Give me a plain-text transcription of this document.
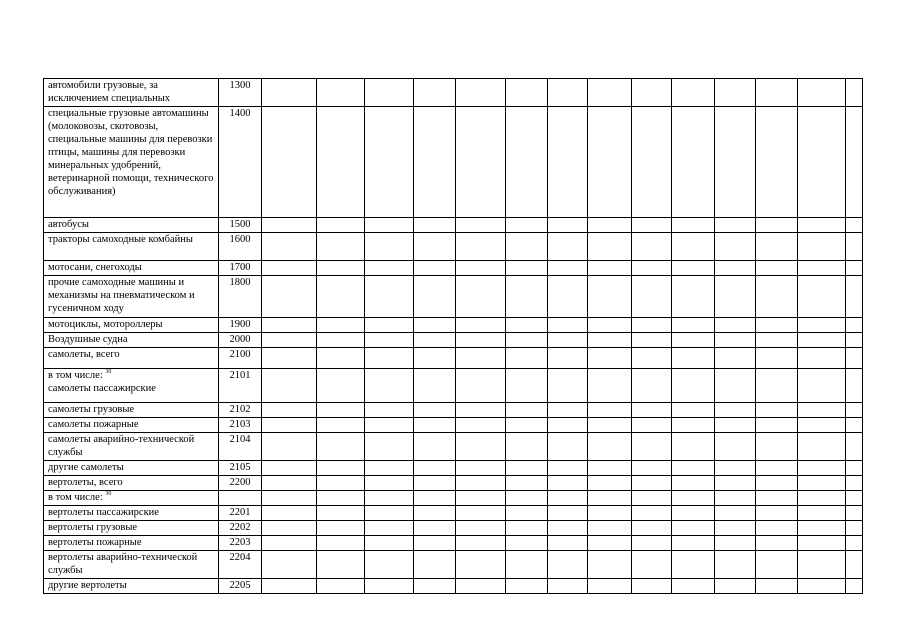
автомобили грузовые, за исключением специальных	1300														
специальные грузовые автомашины (молоковозы, скотовозы, специальные машины для перевозки птицы, машины для перевозки минеральных удобрений, ветеринарной помощи, технического обслуживания)	1400														
автобусы	1500														
тракторы самоходные комбайны	1600														
мотосани, снегоходы	1700														
прочие самоходные машины и механизмы на пневматическом и гусеничном ходу	1800														
мотоциклы, мотороллеры	1900														
Воздушные судна	2000														
самолеты, всего	2100														

в том числе: $^{30}$
самолеты пассажирские	2101														
самолеты грузовые	2102														
самолеты пожарные	2103														
самолеты аварийно-технической службы	2104														
другие самолеты	2105														
вертолеты, всего	2200														
в том числе: $^{30}$															
вертолеты пассажирские	2201														
вертолеты грузовые	2202														
вертолеты пожарные	2203														
вертолеты аварийно-технической службы	2204														
другие вертолеты	2205														
